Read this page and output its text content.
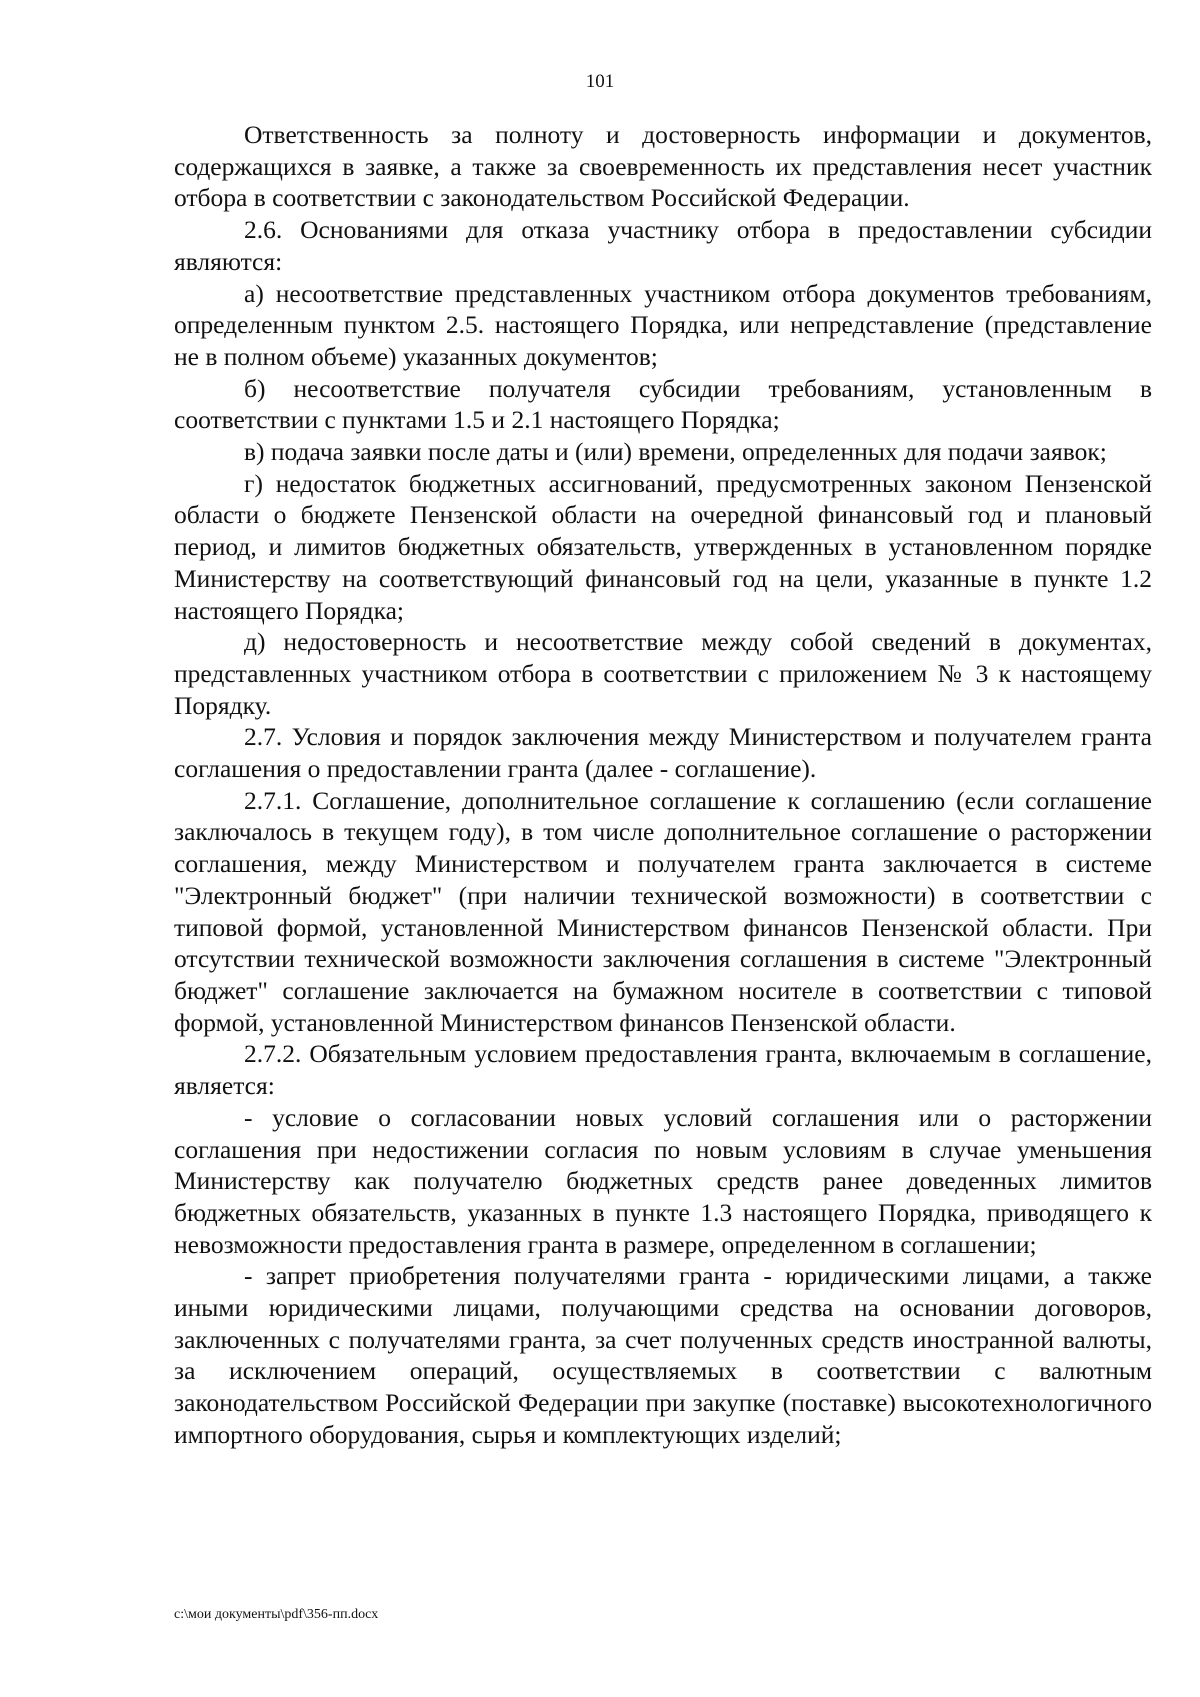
101

Ответственность за полноту и достоверность информации и документов, содержащихся в заявке, а также за своевременность их представления несет участник отбора в соответствии с законодательством Российской Федерации.

2.6. Основаниями для отказа участнику отбора в предоставлении субсидии являются:

а) несоответствие представленных участником отбора документов требованиям, определенным пунктом 2.5. настоящего Порядка, или непредставление (представление не в полном объеме) указанных документов;

б) несоответствие получателя субсидии требованиям, установленным в соответствии с пунктами 1.5 и 2.1 настоящего Порядка;

в) подача заявки после даты и (или) времени, определенных для подачи заявок;

г) недостаток бюджетных ассигнований, предусмотренных законом Пензенской области о бюджете Пензенской области на очередной финансовый год и плановый период, и лимитов бюджетных обязательств, утвержденных в установленном порядке Министерству на соответствующий финансовый год на цели, указанные в пункте 1.2 настоящего Порядка;

д) недостоверность и несоответствие между собой сведений в документах, представленных участником отбора в соответствии с приложением № 3 к настоящему Порядку.

2.7. Условия и порядок заключения между Министерством и получателем гранта соглашения о предоставлении гранта (далее - соглашение).

2.7.1. Соглашение, дополнительное соглашение к соглашению (если соглашение заключалось в текущем году), в том числе дополнительное соглашение о расторжении соглашения, между Министерством и получателем гранта заключается в системе "Электронный бюджет" (при наличии технической возможности) в соответствии с типовой формой, установленной Министерством финансов Пензенской области. При отсутствии технической возможности заключения соглашения в системе "Электронный бюджет" соглашение заключается на бумажном носителе в соответствии с типовой формой, установленной Министерством финансов Пензенской области.

2.7.2. Обязательным условием предоставления гранта, включаемым в соглашение, является:

- условие о согласовании новых условий соглашения или о расторжении соглашения при недостижении согласия по новым условиям в случае уменьшения Министерству как получателю бюджетных средств ранее доведенных лимитов бюджетных обязательств, указанных в пункте 1.3 настоящего Порядка, приводящего к невозможности предоставления гранта в размере, определенном в соглашении;

- запрет приобретения получателями гранта - юридическими лицами, а также иными юридическими лицами, получающими средства на основании договоров, заключенных с получателями гранта, за счет полученных средств иностранной валюты, за исключением операций, осуществляемых в соответствии с валютным законодательством Российской Федерации при закупке (поставке) высокотехнологичного импортного оборудования, сырья и комплектующих изделий;

c:\мои документы\pdf\356-пп.docx
